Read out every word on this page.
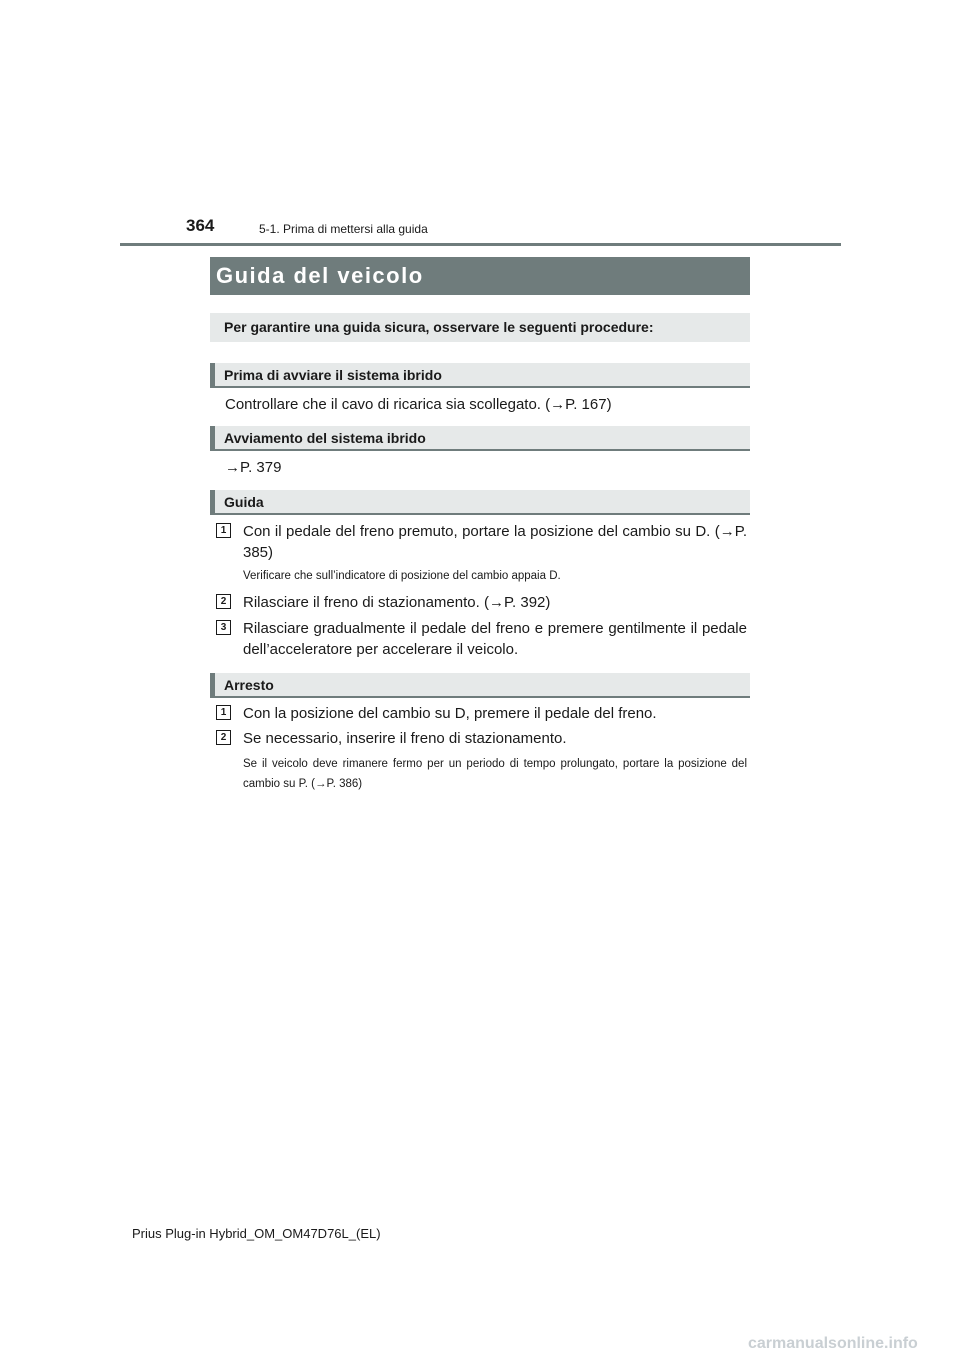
364	5-1. Prima di mettersi alla guida
Guida del veicolo
Per garantire una guida sicura, osservare le seguenti procedure:
Prima di avviare il sistema ibrido
Controllare che il cavo di ricarica sia scollegato. (→P. 167)
Avviamento del sistema ibrido
→P. 379
Guida
1	Con il pedale del freno premuto, portare la posizione del cambio su D. (→P. 385)
Verificare che sull’indicatore di posizione del cambio appaia D.
2	Rilasciare il freno di stazionamento. (→P. 392)
3	Rilasciare gradualmente il pedale del freno e premere gentilmente il pedale dell’acceleratore per accelerare il veicolo.
Arresto
1	Con la posizione del cambio su D, premere il pedale del freno.
2	Se necessario, inserire il freno di stazionamento.
Se il veicolo deve rimanere fermo per un periodo di tempo prolungato, portare la posizione del cambio su P. (→P. 386)
Prius Plug-in Hybrid_OM_OM47D76L_(EL)
carmanualsonline.info
